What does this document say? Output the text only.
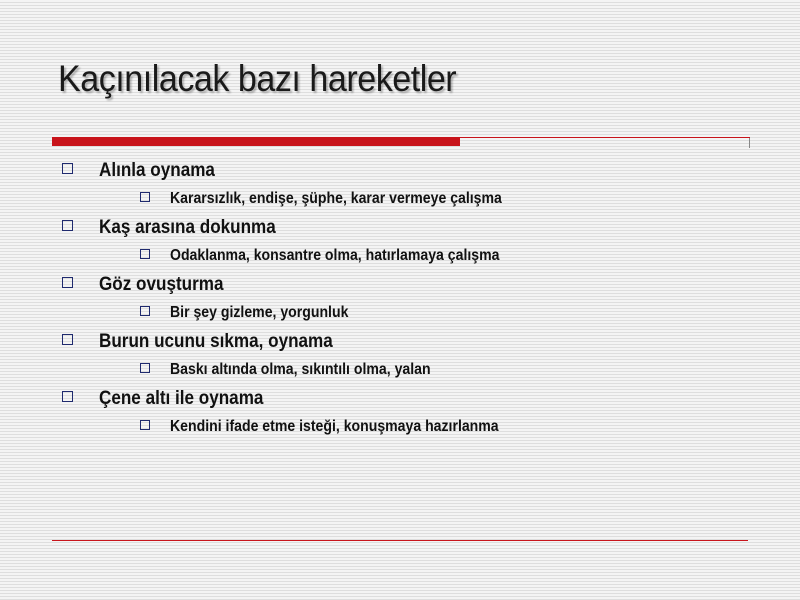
Kaçınılacak bazı hareketler
Alınla oynama
Kararsızlık, endişe, şüphe, karar vermeye çalışma
Kaş arasına dokunma
Odaklanma, konsantre olma, hatırlamaya çalışma
Göz ovuşturma
Bir şey gizleme, yorgunluk
Burun ucunu sıkma, oynama
Baskı altında olma, sıkıntılı olma, yalan
Çene altı ile oynama
Kendini ifade etme isteği, konuşmaya hazırlanma
